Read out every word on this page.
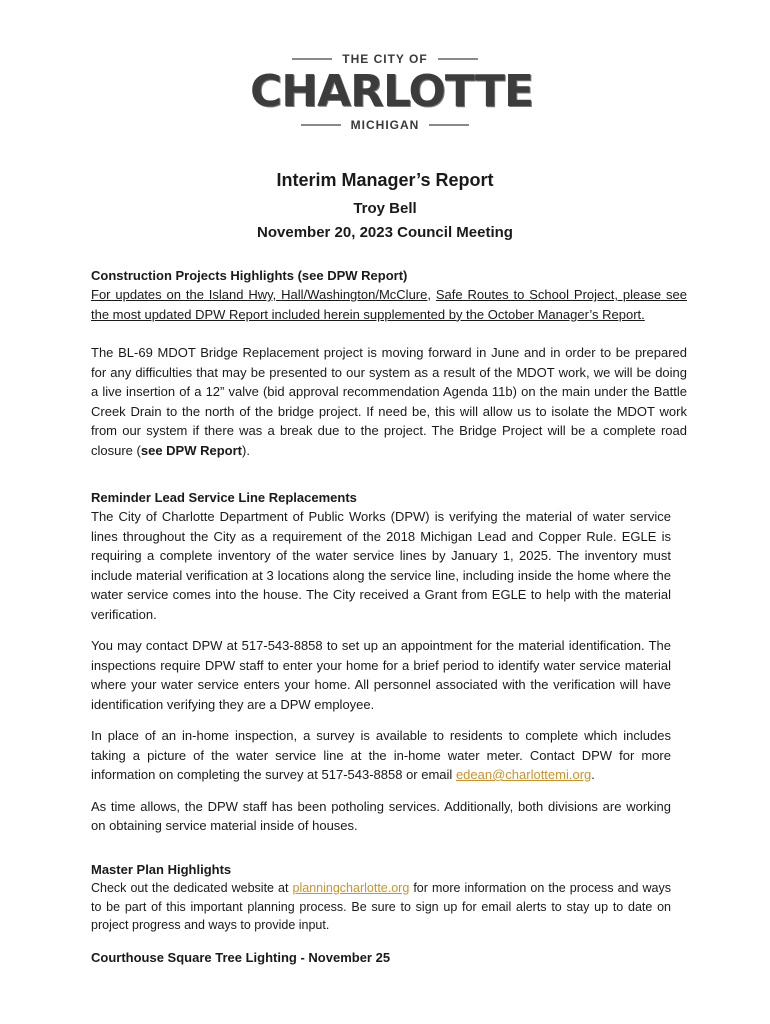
THE CITY OF
CHARLOTTE
MICHIGAN
Interim Manager’s Report
Troy Bell
November 20, 2023 Council Meeting
Construction Projects Highlights (see DPW Report)

For updates on the Island Hwy, Hall/Washington/McClure, Safe Routes to School Project, please see the most updated DPW Report included herein supplemented by the October Manager’s Report.

The BL-69 MDOT Bridge Replacement project is moving forward in June and in order to be prepared for any difficulties that may be presented to our system as a result of the MDOT work, we will be doing a live insertion of a 12” valve (bid approval recommendation Agenda 11b) on the main under the Battle Creek Drain to the north of the bridge project. If need be, this will allow us to isolate the MDOT work from our system if there was a break due to the project. The Bridge Project will be a complete road closure (see DPW Report).

Reminder Lead Service Line Replacements

The City of Charlotte Department of Public Works (DPW) is verifying the material of water service lines throughout the City as a requirement of the 2018 Michigan Lead and Copper Rule. EGLE is requiring a complete inventory of the water service lines by January 1, 2025. The inventory must include material verification at 3 locations along the service line, including inside the home where the water service comes into the house. The City received a Grant from EGLE to help with the material verification.

You may contact DPW at 517-543-8858 to set up an appointment for the material identification. The inspections require DPW staff to enter your home for a brief period to identify water service material where your water service enters your home. All personnel associated with the verification will have identification verifying they are a DPW employee.

In place of an in-home inspection, a survey is available to residents to complete which includes taking a picture of the water service line at the in-home water meter. Contact DPW for more information on completing the survey at 517-543-8858 or email edean@charlottemi.org.

As time allows, the DPW staff has been potholing services. Additionally, both divisions are working on obtaining service material inside of houses.

Master Plan Highlights

Check out the dedicated website at planningcharlotte.org for more information on the process and ways to be part of this important planning process. Be sure to sign up for email alerts to stay up to date on project progress and ways to provide input.

Courthouse Square Tree Lighting - November 25
